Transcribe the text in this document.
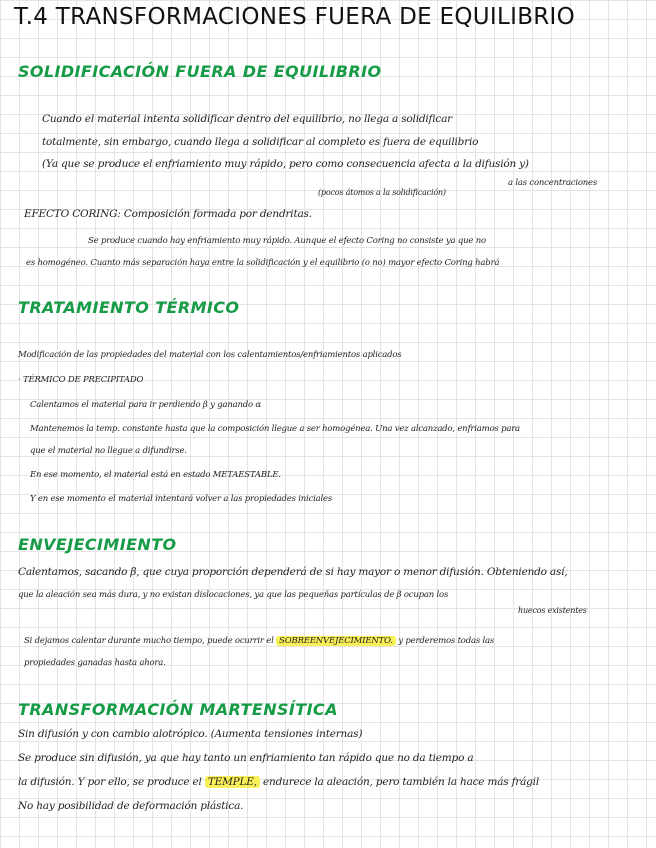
T.4 TRANSFORMACIONES FUERA DE EQUILIBRIO
SOLIDIFICACIÓN FUERA DE EQUILIBRIO
Cuando el material intenta solidificar dentro del equilibrio, no llega a solidificar
totalmente, sin embargo, cuando llega a solidificar al completo es fuera de equilibrio
(Ya que se produce el enfriamiento muy rápido, pero como consecuencia afecta a la difusión y)
a las concentraciones
(pocos átomos a la solidificación)
EFECTO CORING: Composición formada por dendritas.
Se produce cuando hay enfriamiento muy rápido. Aunque el efecto Coring no consiste ya que no
es homogéneo. Cuanto más separación haya entre la solidificación y el equilibrio (o no) mayor efecto Coring habrá
TRATAMIENTO TÉRMICO
Modificación de las propiedades del material con los calentamientos/enfriamientos aplicados
· TÉRMICO DE PRECIPITADO
Calentamos el material para ir perdiendo β y ganando α
Mantenemos la temp. constante hasta que la composición llegue a ser homogénea. Una vez alcanzado, enfriamos para
que el material no llegue a difundirse.
En ese momento, el material está en estado METAESTABLE.
Y en ese momento el material intentará volver a las propiedades iniciales
ENVEJECIMIENTO
Calentamos, sacando β, que cuya proporción dependerá de si hay mayor o menor difusión. Obteniendo así,
que la aleación sea más dura, y no existan dislocaciones, ya que las pequeñas partículas de β ocupan los
huecos existentes
Si dejamos calentar durante mucho tiempo, puede ocurrir el SOBREENVEJECIMIENTO. y perderemos todas las
propiedades ganadas hasta ahora.
TRANSFORMACIÓN MARTENSÍTICA
Sin difusión y con cambio alotrópico. (Aumenta tensiones internas)
Se produce sin difusión, ya que hay tanto un enfriamiento tan rápido que no da tiempo a
la difusión. Y por ello, se produce el TEMPLE, endurece la aleación, pero también la hace más frágil
No hay posibilidad de deformación plástica.
